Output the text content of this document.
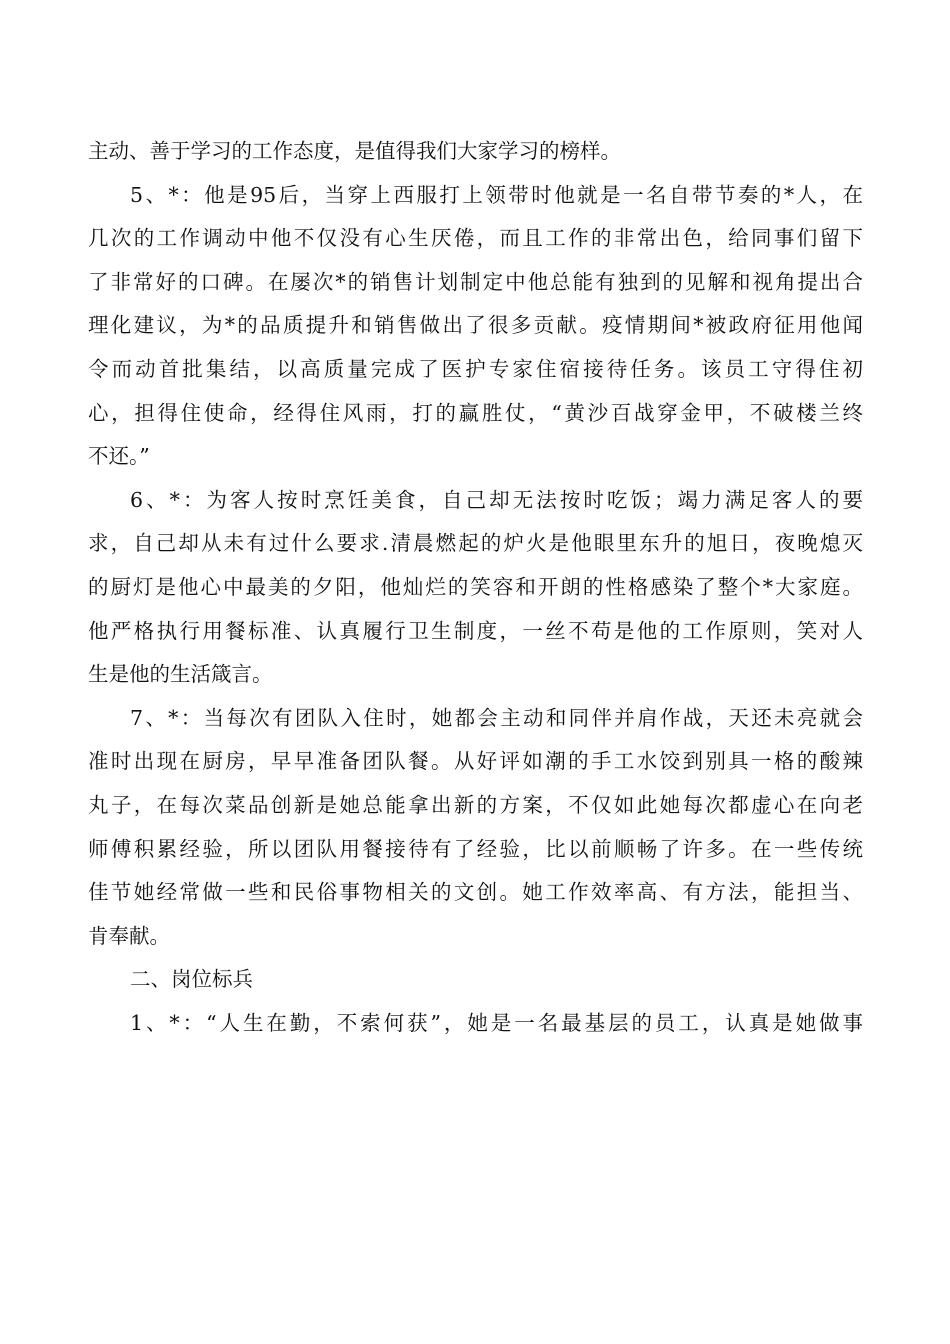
主动、善于学习的工作态度，是值得我们大家学习的榜样。
5、*：他是95后，当穿上西服打上领带时他就是一名自带节奏的*人，在
几次的工作调动中他不仅没有心生厌倦，而且工作的非常出色，给同事们留下
了非常好的口碑。在屡次*的销售计划制定中他总能有独到的见解和视角提出合
理化建议，为*的品质提升和销售做出了很多贡献。疫情期间*被政府征用他闻
令而动首批集结，以高质量完成了医护专家住宿接待任务。该员工守得住初
心，担得住使命，经得住风雨，打的赢胜仗，“黄沙百战穿金甲，不破楼兰终
不还。”
6、*：为客人按时烹饪美食，自己却无法按时吃饭；竭力满足客人的要
求，自己却从未有过什么要求.清晨燃起的炉火是他眼里东升的旭日，夜晚熄灭
的厨灯是他心中最美的夕阳，他灿烂的笑容和开朗的性格感染了整个*大家庭。
他严格执行用餐标准、认真履行卫生制度，一丝不苟是他的工作原则，笑对人
生是他的生活箴言。
7、*：当每次有团队入住时，她都会主动和同伴并肩作战，天还未亮就会
准时出现在厨房，早早准备团队餐。从好评如潮的手工水饺到别具一格的酸辣
丸子，在每次菜品创新是她总能拿出新的方案，不仅如此她每次都虚心在向老
师傅积累经验，所以团队用餐接待有了经验，比以前顺畅了许多。在一些传统
佳节她经常做一些和民俗事物相关的文创。她工作效率高、有方法，能担当、
肯奉献。
二、岗位标兵
1、*：“人生在勤，不索何获”，她是一名最基层的员工，认真是她做事
